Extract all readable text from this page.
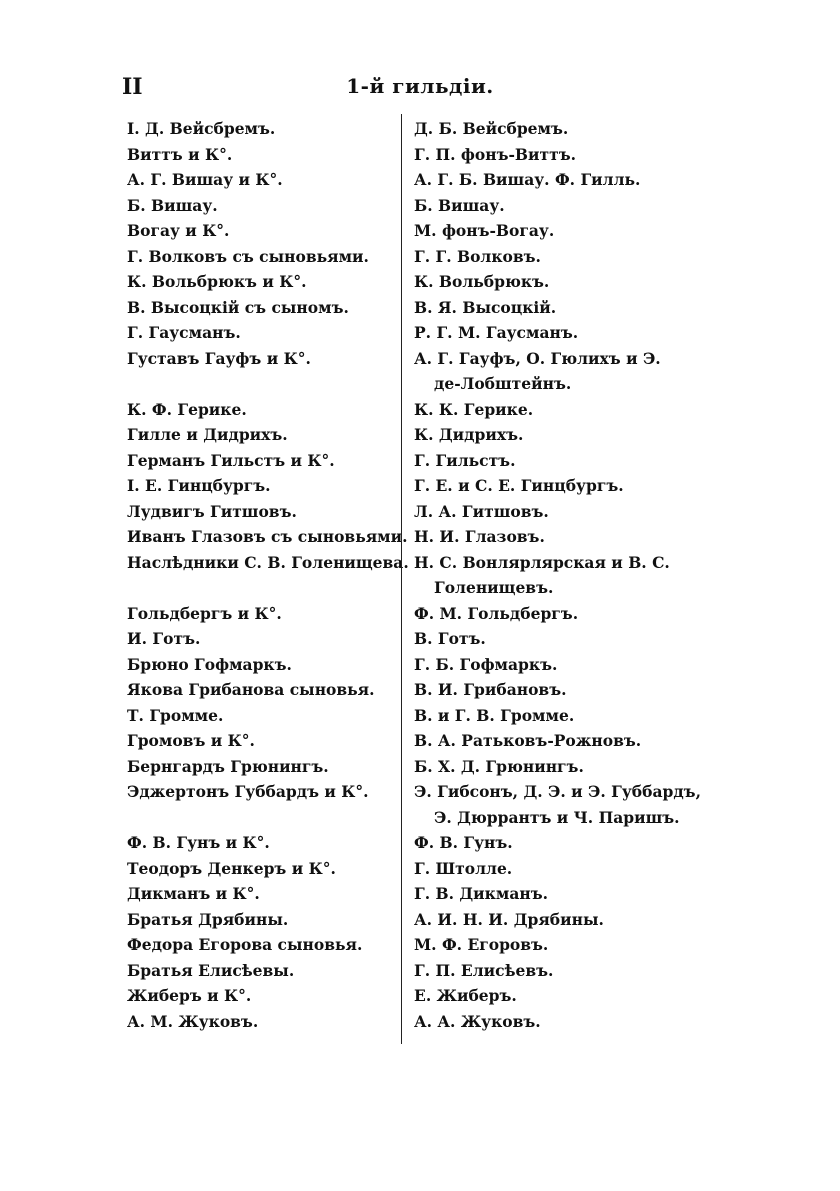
II	1-й гильдіи.

І. Д. Вейсбремъ.
Виттъ и К°.
А. Г. Вишау и К°.
Б. Вишау.
Вогау и К°.
Г. Волковъ съ сыновьями.
К. Вольбрюкъ и К°.
В. Высоцкій съ сыномъ.
Г. Гаусманъ.
Густавъ Гауфъ и К°.
К. Ф. Герике.
Гилле и Дидрихъ.
Германъ Гильстъ и К°.
І. Е. Гинцбургъ.
Лудвигъ Гитшовъ.
Иванъ Глазовъ съ сыновьями.
Наслѣдники С. В. Голенищева.
Гольдбергъ и К°.
И. Готъ.
Брюно Гофмаркъ.
Якова Грибанова сыновья.
Т. Громме.
Громовъ и К°.
Бернгардъ Грюнингъ.
Эджертонъ Губбардъ и К°.
Ф. В. Гунъ и К°.
Теодоръ Денкеръ и К°.
Дикманъ и К°.
Братья Дрябины.
Федора Егорова сыновья.
Братья Елисѣевы.
Жиберъ и К°.
А. М. Жуковъ.
Д. Б. Вейсбремъ.
Г. П. фонъ-Виттъ.
А. Г. Б. Вишау. Ф. Гилль.
Б. Вишау.
М. фонъ-Вогау.
Г. Г. Волковъ.
К. Вольбрюкъ.
В. Я. Высоцкій.
Р. Г. М. Гаусманъ.
А. Г. Гауфъ, О. Гюлихъ и Э.
де-Лобштейнъ.
К. К. Герике.
К. Дидрихъ.
Г. Гильстъ.
Г. Е. и С. Е. Гинцбургъ.
Л. А. Гитшовъ.
Н. И. Глазовъ.
Н. С. Вонлярлярская и В. С.
Голенищевъ.
Ф. М. Гольдбергъ.
В. Готъ.
Г. Б. Гофмаркъ.
В. И. Грибановъ.
В. и Г. В. Громме.
В. А. Ратьковъ-Рожновъ.
Б. Х. Д. Грюнингъ.
Э. Гибсонъ, Д. Э. и Э. Губбардъ,
Э. Дюррантъ и Ч. Паришъ.
Ф. В. Гунъ.
Г. Штолле.
Г. В. Дикманъ.
А. И. Н. И. Дрябины.
М. Ф. Егоровъ.
Г. П. Елисѣевъ.
Е. Жиберъ.
А. А. Жуковъ.
